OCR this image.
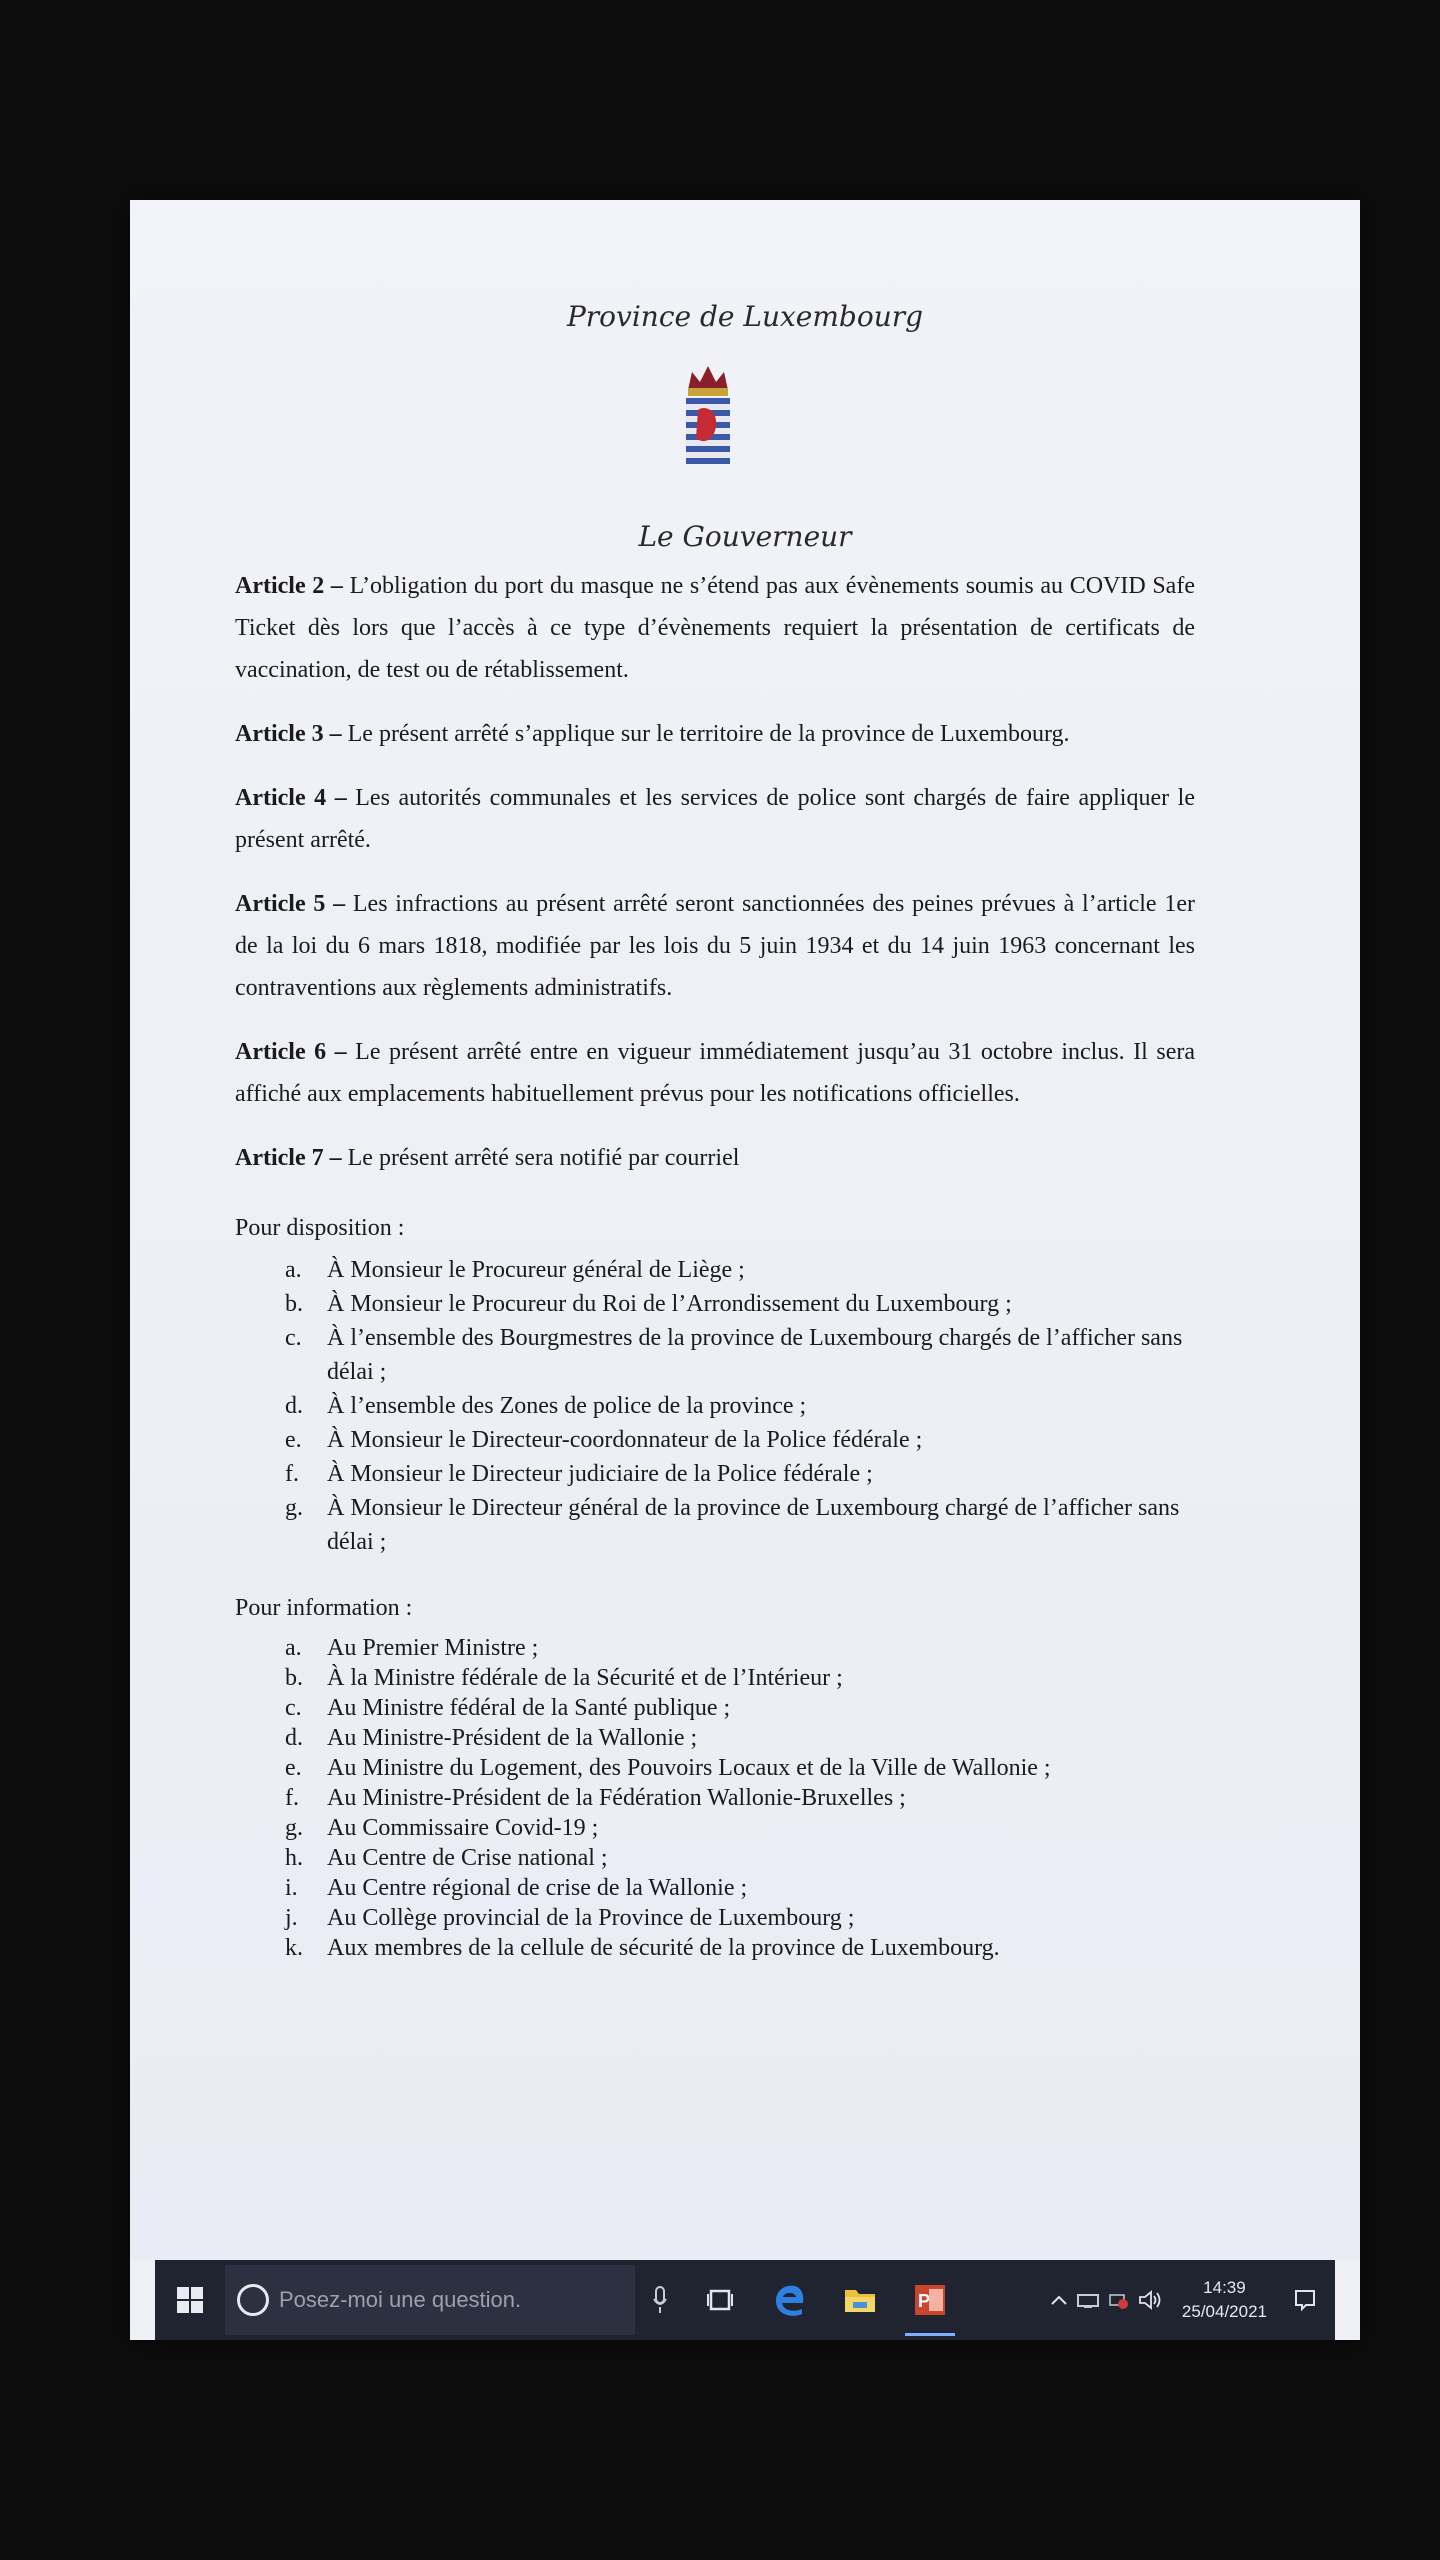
Province de Luxembourg
Le Gouverneur

Article 2 – L’obligation du port du masque ne s’étend pas aux évènements soumis au COVID Safe Ticket dès lors que l’accès à ce type d’évènements requiert la présentation de certificats de vaccination, de test ou de rétablissement.

Article 3 – Le présent arrêté s’applique sur le territoire de la province de Luxembourg.

Article 4 – Les autorités communales et les services de police sont chargés de faire appliquer le présent arrêté.

Article 5 – Les infractions au présent arrêté seront sanctionnées des peines prévues à l’article 1er de la loi du 6 mars 1818, modifiée par les lois du 5 juin 1934 et du 14 juin 1963 concernant les contraventions aux règlements administratifs.

Article 6 – Le présent arrêté entre en vigueur immédiatement jusqu’au 31 octobre inclus. Il sera affiché aux emplacements habituellement prévus pour les notifications officielles.

Article 7 – Le présent arrêté sera notifié par courriel

Pour disposition :
a.	À Monsieur le Procureur général de Liège ;
b.	À Monsieur le Procureur du Roi de l’Arrondissement du Luxembourg ;
c.	À l’ensemble des Bourgmestres de la province de Luxembourg chargés de l’afficher sans délai ;
d.	À l’ensemble des Zones de police de la province ;
e.	À Monsieur le Directeur-coordonnateur de la Police fédérale ;
f.	À Monsieur le Directeur judiciaire de la Police fédérale ;
g.	À Monsieur le Directeur général de la province de Luxembourg chargé de l’afficher sans délai ;
Pour information :
a.	Au Premier Ministre ;
b.	À la Ministre fédérale de la Sécurité et de l’Intérieur ;
c.	Au Ministre fédéral de la Santé publique ;
d.	Au Ministre-Président de la Wallonie ;
e.	Au Ministre du Logement, des Pouvoirs Locaux et de la Ville de Wallonie ;
f.	Au Ministre-Président de la Fédération Wallonie-Bruxelles ;
g.	Au Commissaire Covid-19 ;
h.	Au Centre de Crise national ;
i.	Au Centre régional de crise de la Wallonie ;
j.	Au Collège provincial de la Province de Luxembourg ;
k.	Aux membres de la cellule de sécurité de la province de Luxembourg.
Posez-moi une question.	P
14:39
25/04/2021
